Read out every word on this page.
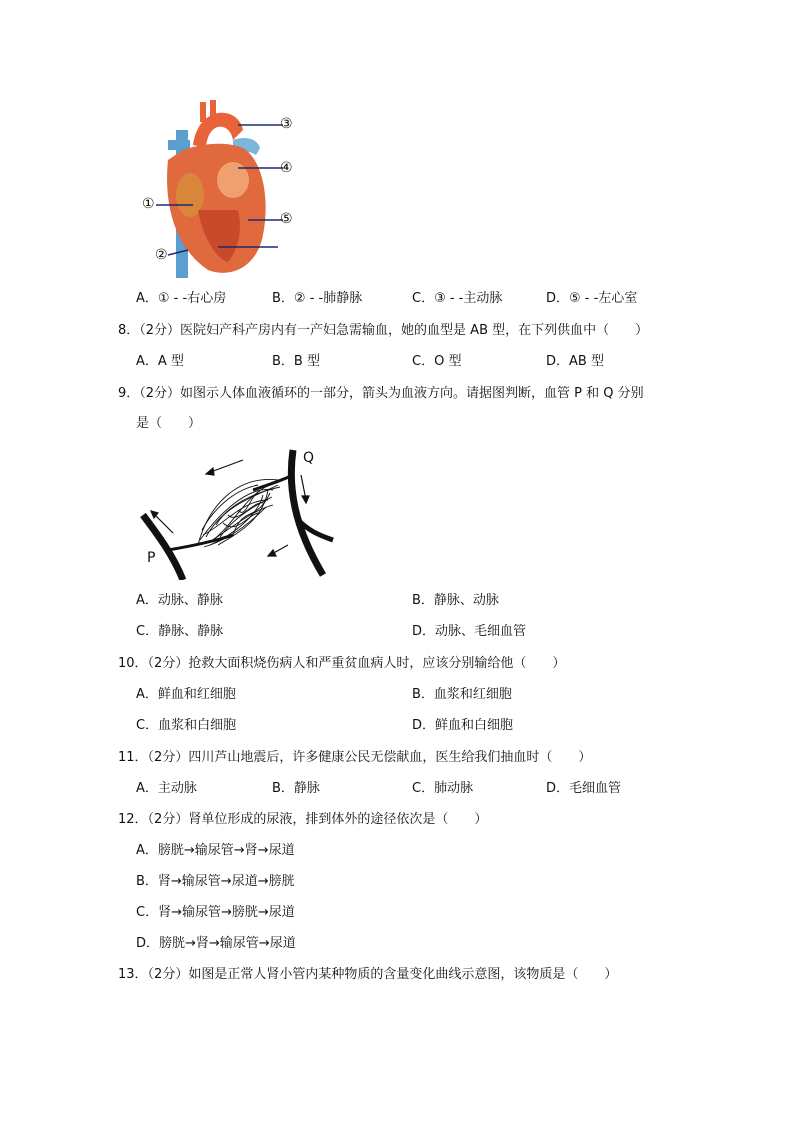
③
④
①
⑤
②
A．① - -右心房	B．② - -肺静脉	C．③ - -主动脉	D．⑤ - -左心室
8．（2分）医院妇产科产房内有一产妇急需输血，她的血型是 AB 型，在下列供血中（　　）
A．A 型	B．B 型	C．O 型	D．AB 型
9．（2分）如图示人体血液循环的一部分，箭头为血液方向。请据图判断，血管 P 和 Q 分别
是（　　）
Q
P
A．动脉、静脉	B．静脉、动脉
C．静脉、静脉	D．动脉、毛细血管
10．（2分）抢救大面积烧伤病人和严重贫血病人时，应该分别输给他（　　）
A．鲜血和红细胞	B．血浆和红细胞
C．血浆和白细胞	D．鲜血和白细胞
11．（2分）四川芦山地震后，许多健康公民无偿献血，医生给我们抽血时（　　）
A．主动脉	B．静脉	C．肺动脉	D．毛细血管
12．（2分）肾单位形成的尿液，排到体外的途径依次是（　　）
A．膀胱→输尿管→肾→尿道
B．肾→输尿管→尿道→膀胱
C．肾→输尿管→膀胱→尿道
D．膀胱→肾→输尿管→尿道
13．（2分）如图是正常人肾小管内某种物质的含量变化曲线示意图，该物质是（　　）
